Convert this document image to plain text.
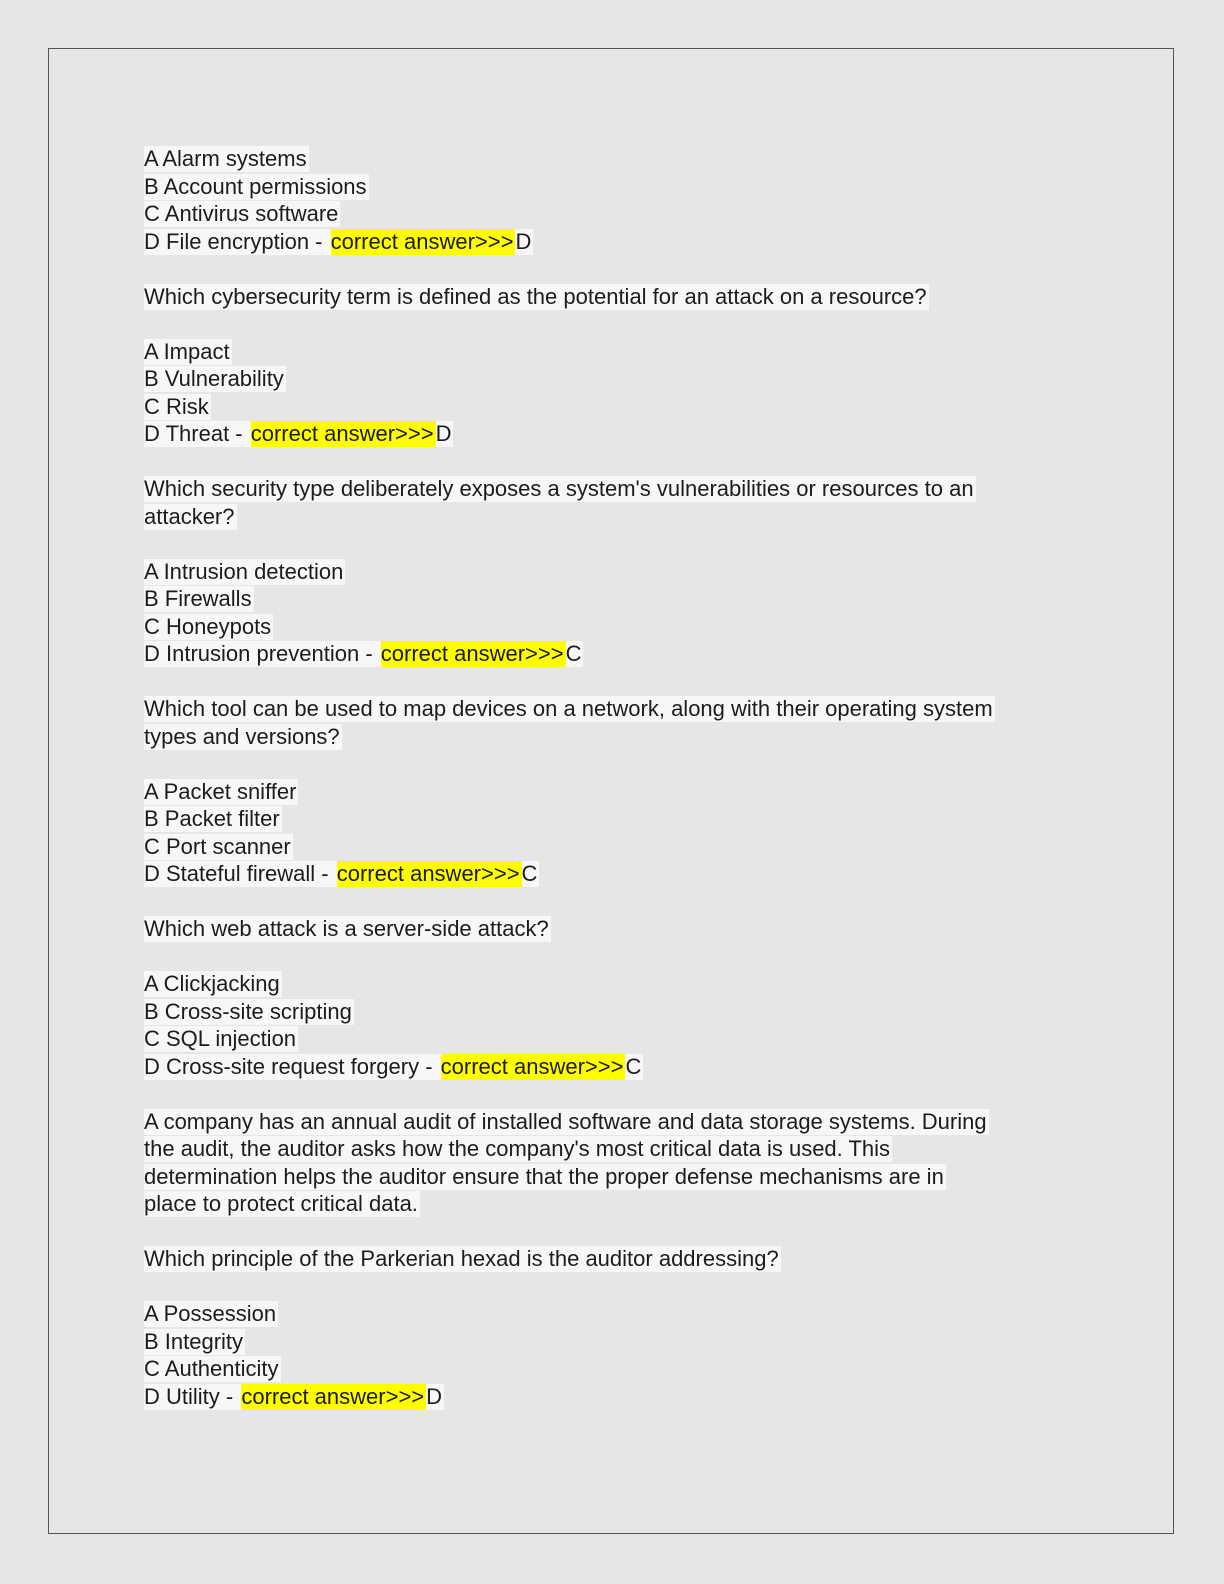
A Alarm systems
B Account permissions
C Antivirus software
D File encryption - correct answer>>>D
Which cybersecurity term is defined as the potential for an attack on a resource?
A Impact
B Vulnerability
C Risk
D Threat - correct answer>>>D
Which security type deliberately exposes a system's vulnerabilities or resources to an
attacker?
A Intrusion detection
B Firewalls
C Honeypots
D Intrusion prevention - correct answer>>>C
Which tool can be used to map devices on a network, along with their operating system
types and versions?
A Packet sniffer
B Packet filter
C Port scanner
D Stateful firewall - correct answer>>>C
Which web attack is a server-side attack?
A Clickjacking
B Cross-site scripting
C SQL injection
D Cross-site request forgery - correct answer>>>C
A company has an annual audit of installed software and data storage systems. During
the audit, the auditor asks how the company's most critical data is used. This
determination helps the auditor ensure that the proper defense mechanisms are in
place to protect critical data.
Which principle of the Parkerian hexad is the auditor addressing?
A Possession
B Integrity
C Authenticity
D Utility - correct answer>>>D
